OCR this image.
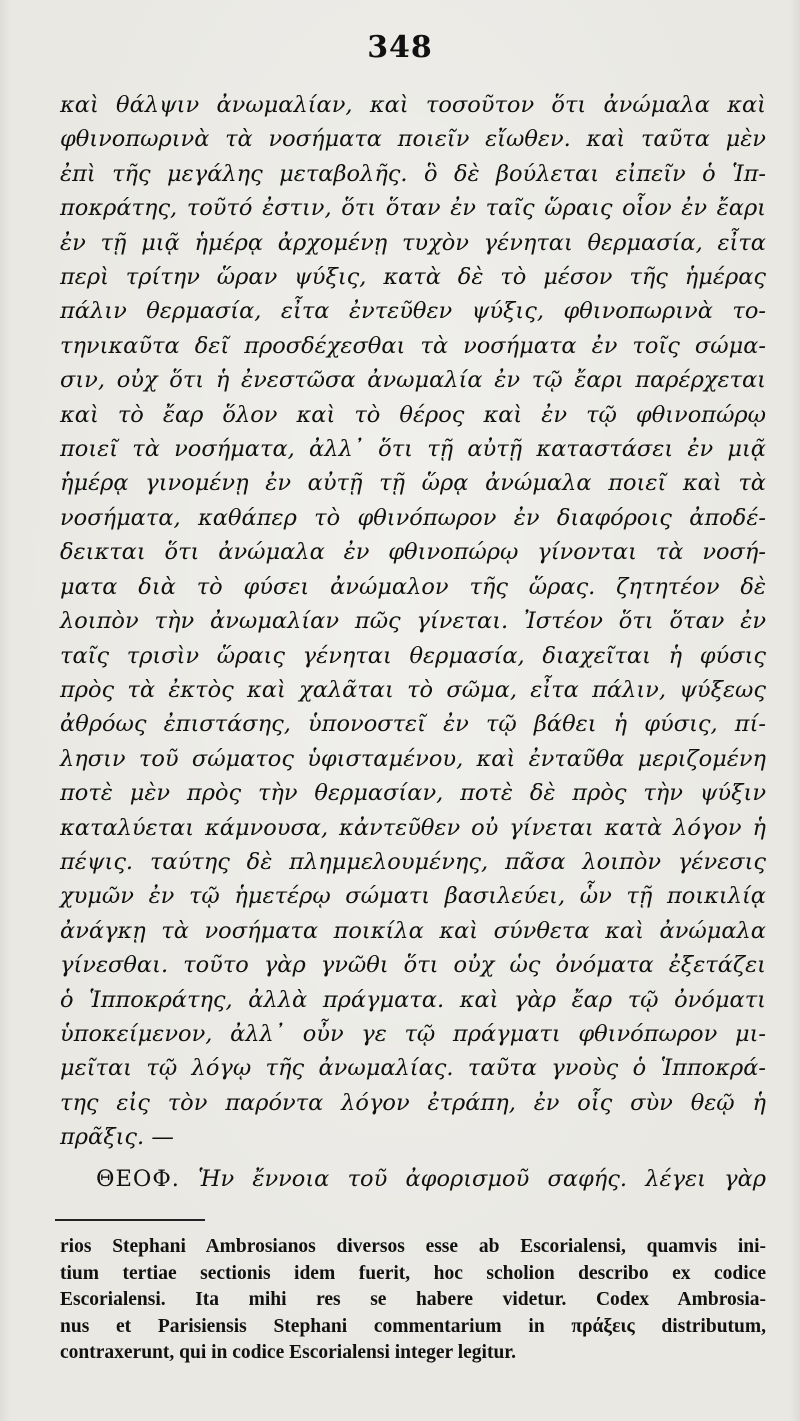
348
καὶ θάλψιν ἀνωμαλίαν, καὶ τοσοῦτον ὅτι ἀνώμαλα καὶ
φθινοπωρινὰ τὰ νοσήματα ποιεῖν εἴωθεν. καὶ ταῦτα μὲν
ἐπὶ τῆς μεγάλης μεταβολῆς. ὃ δὲ βούλεται εἰπεῖν ὁ Ἱπ-
ποκράτης, τοῦτό ἐστιν, ὅτι ὅταν ἐν ταῖς ὥραις οἷον ἐν ἔαρι
ἐν τῇ μιᾷ ἡμέρᾳ ἀρχομένῃ τυχὸν γένηται θερμασία, εἶτα
περὶ τρίτην ὥραν ψύξις, κατὰ δὲ τὸ μέσον τῆς ἡμέρας
πάλιν θερμασία, εἶτα ἐντεῦθεν ψύξις, φθινοπωρινὰ το-
τηνικαῦτα δεῖ προσδέχεσθαι τὰ νοσήματα ἐν τοῖς σώμα-
σιν, οὐχ ὅτι ἡ ἐνεστῶσα ἀνωμαλία ἐν τῷ ἔαρι παρέρχεται
καὶ τὸ ἔαρ ὅλον καὶ τὸ θέρος καὶ ἐν τῷ φθινοπώρῳ
ποιεῖ τὰ νοσήματα, ἀλλ᾽ ὅτι τῇ αὐτῇ καταστάσει ἐν μιᾷ
ἡμέρᾳ γινομένῃ ἐν αὐτῇ τῇ ὥρᾳ ἀνώμαλα ποιεῖ καὶ τὰ
νοσήματα, καθάπερ τὸ φθινόπωρον ἐν διαφόροις ἀποδέ-
δεικται ὅτι ἀνώμαλα ἐν φθινοπώρῳ γίνονται τὰ νοσή-
ματα διὰ τὸ φύσει ἀνώμαλον τῆς ὥρας. ζητητέον δὲ
λοιπὸν τὴν ἀνωμαλίαν πῶς γίνεται. Ἰστέον ὅτι ὅταν ἐν
ταῖς τρισὶν ὥραις γένηται θερμασία, διαχεῖται ἡ φύσις
πρὸς τὰ ἐκτὸς καὶ χαλᾶται τὸ σῶμα, εἶτα πάλιν, ψύξεως
ἀθρόως ἐπιστάσης, ὑπονοστεῖ ἐν τῷ βάθει ἡ φύσις, πί-
λησιν τοῦ σώματος ὑφισταμένου, καὶ ἐνταῦθα μεριζομένη
ποτὲ μὲν πρὸς τὴν θερμασίαν, ποτὲ δὲ πρὸς τὴν ψύξιν
καταλύεται κάμνουσα, κἀντεῦθεν οὐ γίνεται κατὰ λόγον ἡ
πέψις. ταύτης δὲ πλημμελουμένης, πᾶσα λοιπὸν γένεσις
χυμῶν ἐν τῷ ἡμετέρῳ σώματι βασιλεύει, ὧν τῇ ποικιλίᾳ
ἀνάγκῃ τὰ νοσήματα ποικίλα καὶ σύνθετα καὶ ἀνώμαλα
γίνεσθαι. τοῦτο γὰρ γνῶθι ὅτι οὐχ ὡς ὀνόματα ἐξετάζει
ὁ Ἱπποκράτης, ἀλλὰ πράγματα. καὶ γὰρ ἔαρ τῷ ὀνόματι
ὑποκείμενον, ἀλλ᾽ οὖν γε τῷ πράγματι φθινόπωρον μι-
μεῖται τῷ λόγῳ τῆς ἀνωμαλίας. ταῦτα γνοὺς ὁ Ἱπποκρά-
της εἰς τὸν παρόντα λόγον ἐτράπη, ἐν οἷς σὺν θεῷ ἡ
πρᾶξις. —
ΘΕΟΦ. Ἡν ἔννοια τοῦ ἀφορισμοῦ σαφής. λέγει γὰρ
rios Stephani Ambrosianos diversos esse ab Escorialensi, quamvis ini-
tium tertiae sectionis idem fuerit, hoc scholion describo ex codice
Escorialensi. Ita mihi res se habere videtur. Codex Ambrosia-
nus et Parisiensis Stephani commentarium in πράξεις distributum,
contraxerunt, qui in codice Escorialensi integer legitur.
